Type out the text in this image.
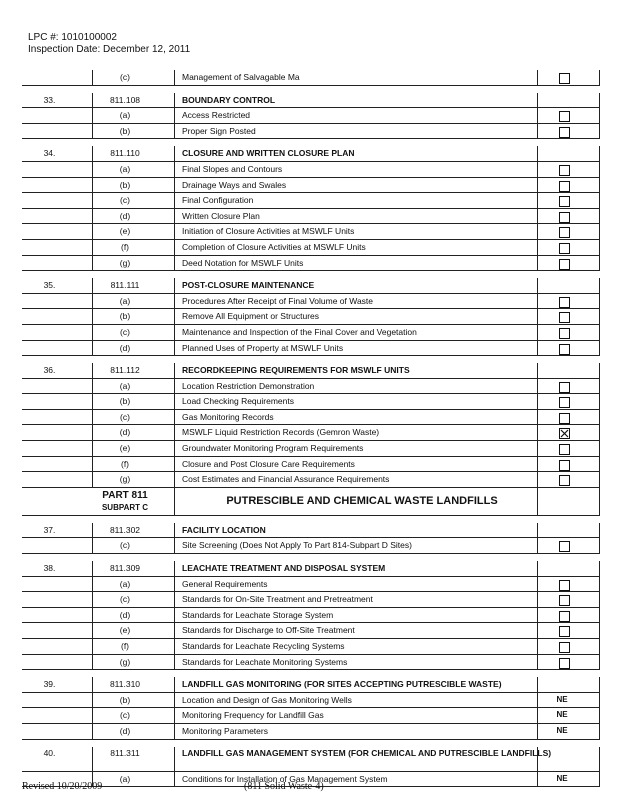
LPC #: 1010100002
Inspection Date: December 12, 2011
(c)	Management of Salvagable Ma
33.	811.108	BOUNDARY CONTROL
(a)	Access Restricted
(b)	Proper Sign Posted
34.	811.110	CLOSURE AND WRITTEN CLOSURE PLAN
(a)	Final Slopes and Contours
(b)	Drainage Ways and Swales
(c)	Final Configuration
(d)	Written Closure Plan
(e)	Initiation of Closure Activities at MSWLF Units
(f)	Completion of Closure Activities at MSWLF Units
(g)	Deed Notation for MSWLF Units
35.	811.111	POST-CLOSURE MAINTENANCE
(a)	Procedures After Receipt of Final Volume of Waste
(b)	Remove All Equipment or Structures
(c)	Maintenance and Inspection of the Final Cover and Vegetation
(d)	Planned Uses of Property at MSWLF Units
36.	811.112	RECORDKEEPING REQUIREMENTS FOR MSWLF UNITS
(a)	Location Restriction Demonstration
(b)	Load Checking Requirements
(c)	Gas Monitoring Records
(d)	MSWLF Liquid Restriction Records (Gemron Waste)
(e)	Groundwater Monitoring Program Requirements
(f)	Closure and Post Closure Care Requirements
(g)	Cost Estimates and Financial Assurance Requirements
PART 811
SUBPART C
PUTRESCIBLE AND CHEMICAL WASTE LANDFILLS
37.	811.302	FACILITY LOCATION
(c)	Site Screening (Does Not Apply To Part 814-Subpart D Sites)
38.	811.309	LEACHATE TREATMENT AND DISPOSAL SYSTEM
(a)	General Requirements
(c)	Standards for On-Site Treatment and Pretreatment
(d)	Standards for Leachate Storage System
(e)	Standards for Discharge to Off-Site Treatment
(f)	Standards for Leachate Recycling Systems
(g)	Standards for Leachate Monitoring Systems
39.	811.310	LANDFILL GAS MONITORING (FOR SITES ACCEPTING PUTRESCIBLE WASTE)
(b)	Location and Design of Gas Monitoring Wells	NE
(c)	Monitoring Frequency for Landfill Gas	NE
(d)	Monitoring Parameters	NE
40.	811.311	LANDFILL GAS MANAGEMENT SYSTEM (FOR CHEMICAL AND PUTRESCIBLE LANDFILLS)
(a)	Conditions for Installation of Gas Management System	NE
Revised 10/20/2009	(811 Solid Waste-4)
